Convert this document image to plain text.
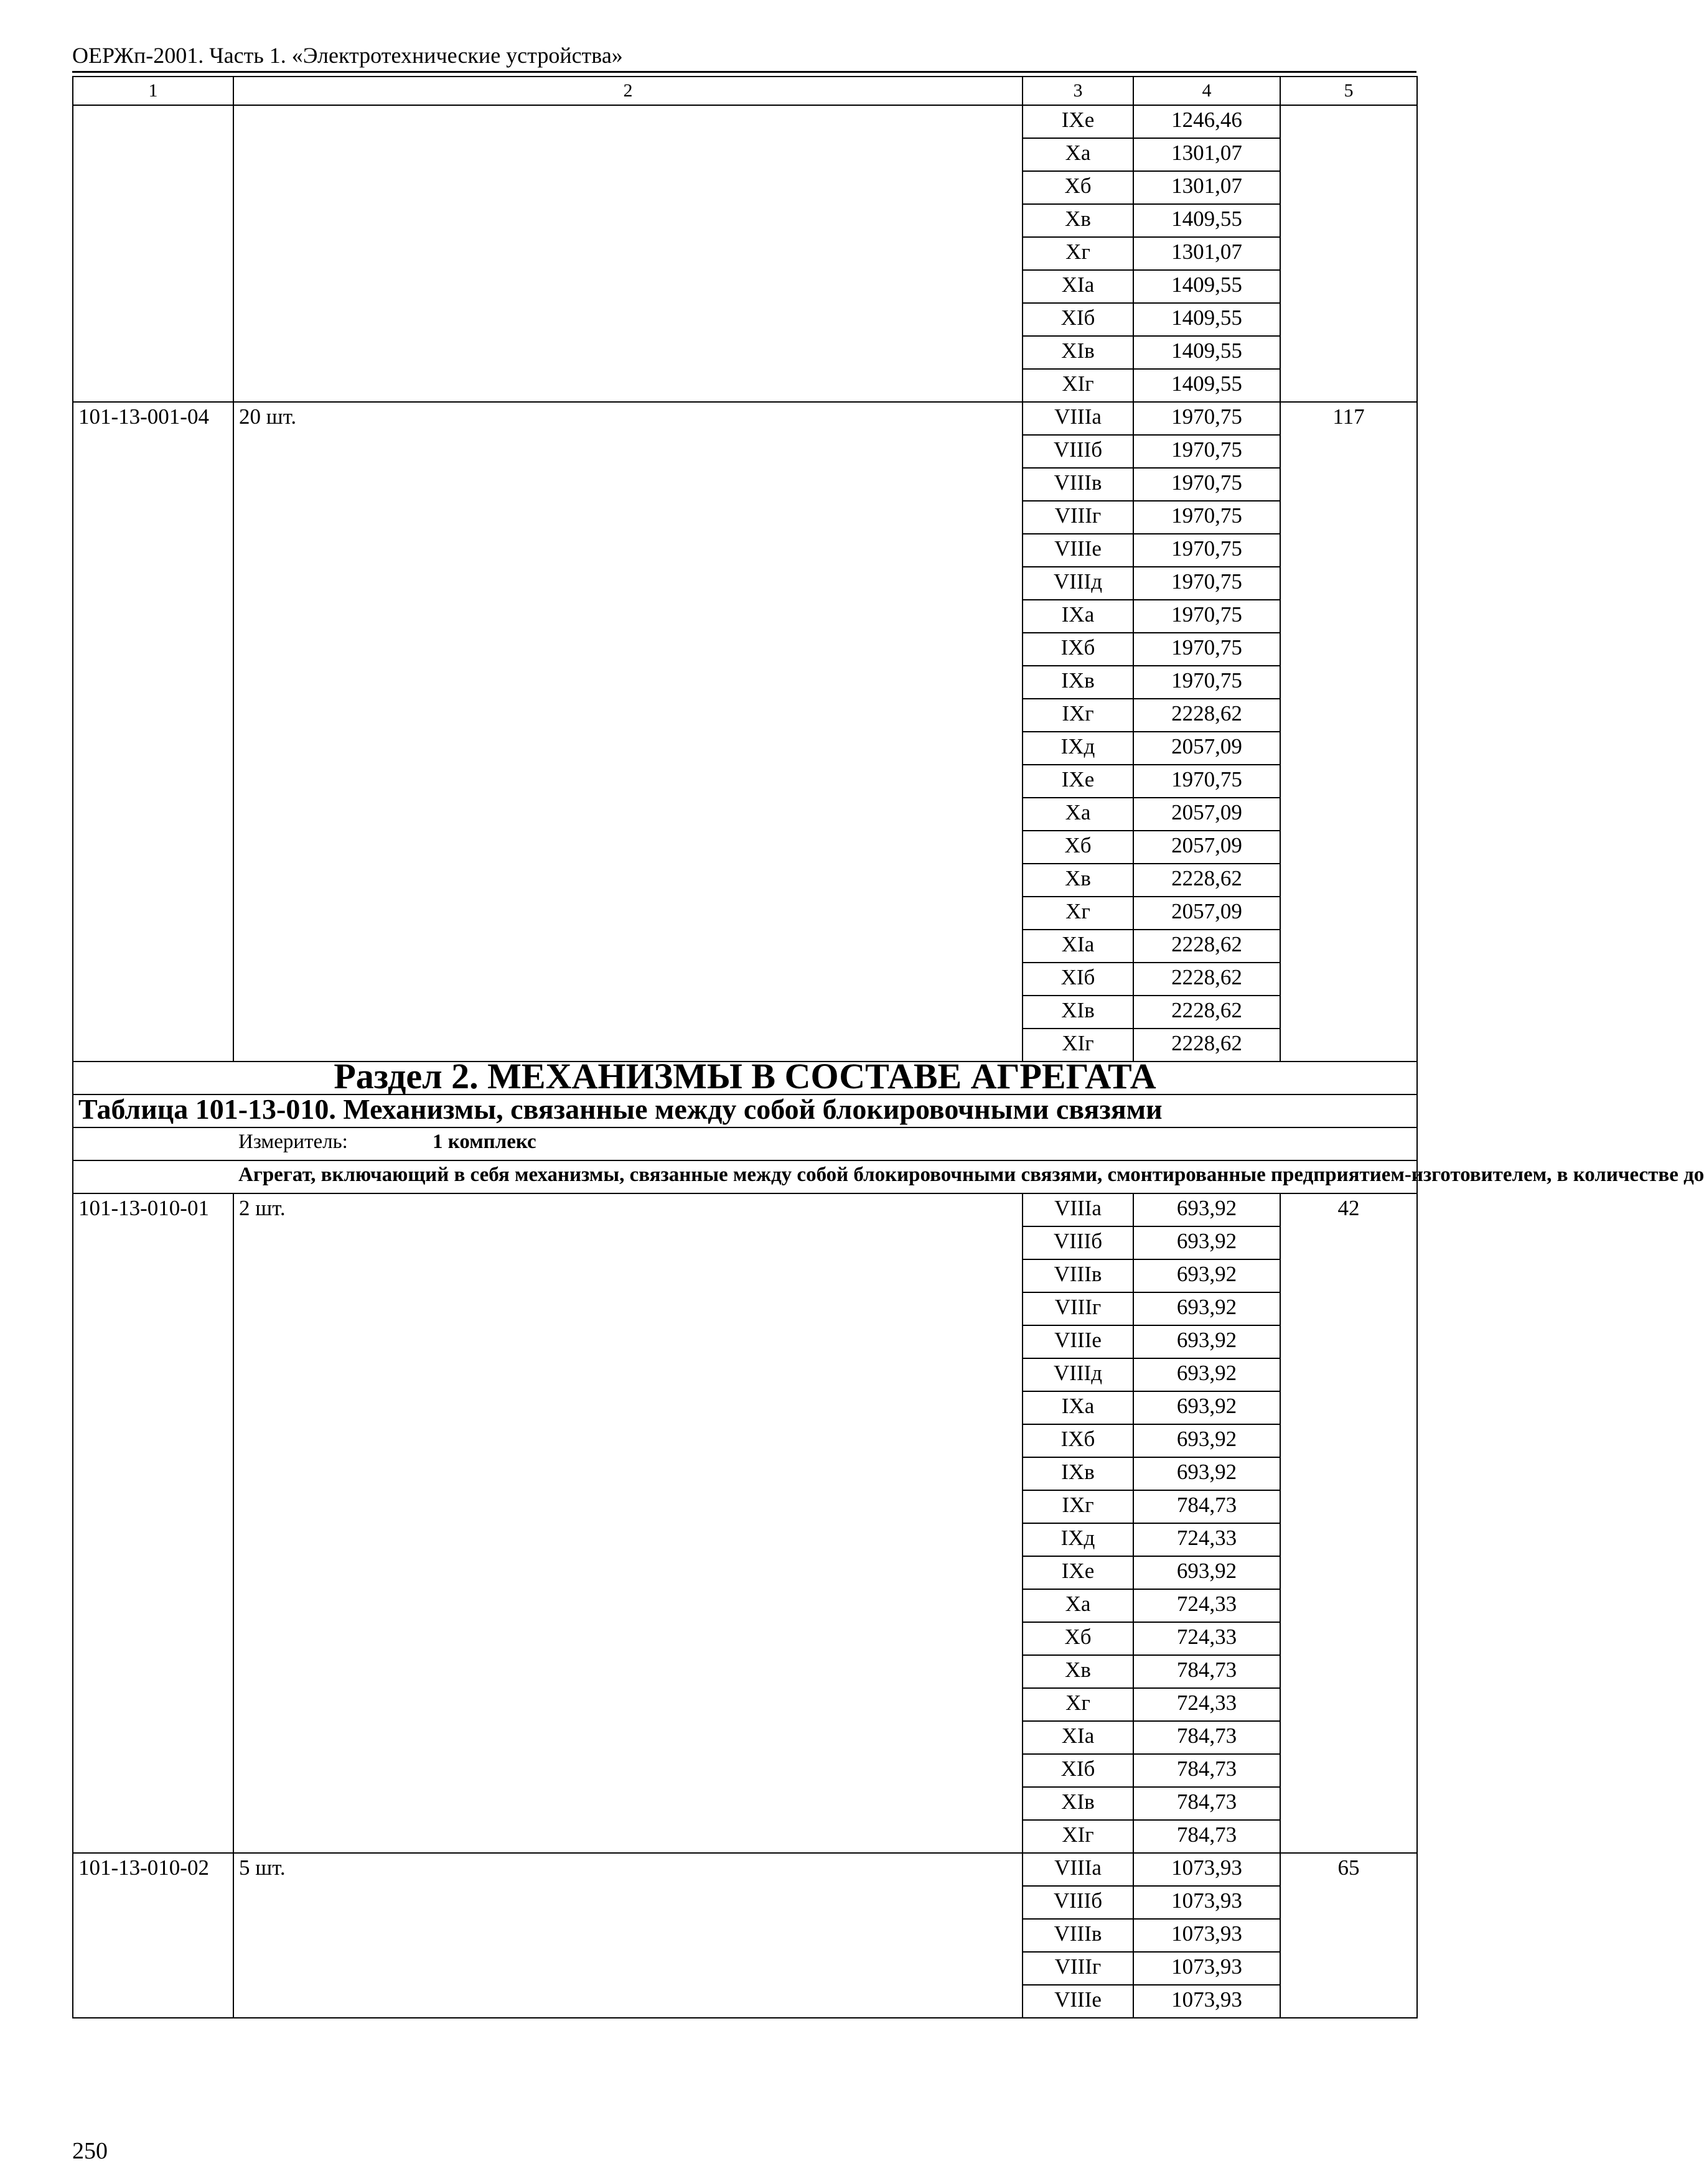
ОЕРЖп-2001. Часть 1. «Электротехнические устройства»
1	2	3	4	5
		IXе	1246,46	
		Xа	1301,07	
		Xб	1301,07	
		Xв	1409,55	
		Xг	1301,07	
		XIа	1409,55	
		XIб	1409,55	
		XIв	1409,55	
		XIг	1409,55	
101-13-001-04	20 шт.	VIIIа	1970,75	117
		VIIIб	1970,75	
		VIIIв	1970,75	
		VIIIг	1970,75	
		VIIIе	1970,75	
		VIIIд	1970,75	
		IXа	1970,75	
		IXб	1970,75	
		IXв	1970,75	
		IXг	2228,62	
		IXд	2057,09	
		IXе	1970,75	
		Xа	2057,09	
		Xб	2057,09	
		Xв	2228,62	
		Xг	2057,09	
		XIа	2228,62	
		XIб	2228,62	
		XIв	2228,62	
		XIг	2228,62	
Раздел 2. МЕХАНИЗМЫ В СОСТАВЕ АГРЕГАТА				
Таблица 101-13-010. Механизмы, связанные между собой блокировочными связями				
	Измеритель: 1 комплекс			
	Агрегат, включающий в себя механизмы, связанные между собой блокировочными связями, смонтированные предприятием-изготовителем, в количестве до			
101-13-010-01	2 шт.	VIIIа	693,92	42
		VIIIб	693,92	
		VIIIв	693,92	
		VIIIг	693,92	
		VIIIе	693,92	
		VIIIд	693,92	
		IXа	693,92	
		IXб	693,92	
		IXв	693,92	
		IXг	784,73	
		IXд	724,33	
		IXе	693,92	
		Xа	724,33	
		Xб	724,33	
		Xв	784,73	
		Xг	724,33	
		XIа	784,73	
		XIб	784,73	
		XIв	784,73	
		XIг	784,73	
101-13-010-02	5 шт.	VIIIа	1073,93	65
		VIIIб	1073,93	
		VIIIв	1073,93	
		VIIIг	1073,93	
		VIIIе	1073,93	
250
